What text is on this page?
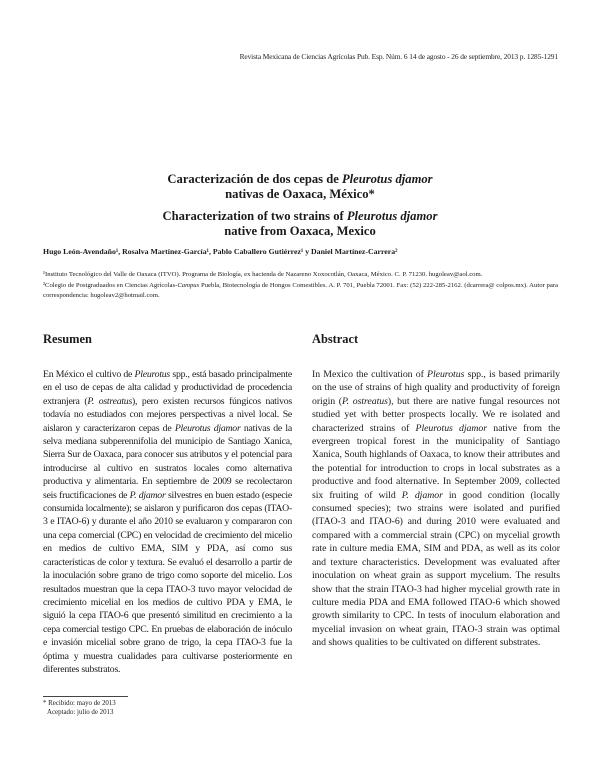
Revista Mexicana de Ciencias Agrícolas Pub. Esp. Núm. 6 14 de agosto - 26 de septiembre, 2013 p. 1285-1291
Caracterización de dos cepas de Pleurotus djamor
nativas de Oaxaca, México*
Characterization of two strains of Pleurotus djamor
native from Oaxaca, Mexico
Hugo León-Avendaño¹, Rosalva Martínez-García¹, Pablo Caballero Gutiérrez¹ y Daniel Martínez-Carrera²

¹Instituto Tecnológico del Valle de Oaxaca (ITVO). Programa de Biología, ex hacienda de Nazareno Xoxocotlán, Oaxaca, México. C. P. 71230. hugoleav@aol.com.

²Colegio de Postgraduados en Ciencias Agrícolas-Campus Puebla, Biotecnología de Hongos Comestibles. A. P. 701, Puebla 72001. Fax: (52) 222-285-2162. (dcarrera@ colpos.mx). Autor para correspondencia: hugoleav2@hotmail.com.

Resumen	Abstract

En México el cultivo de Pleurotus spp., está basado principalmente en el uso de cepas de alta calidad y productividad de procedencia extranjera (P. ostreatus), pero existen recursos fúngicos nativos todavía no estudiados con mejores perspectivas a nivel local. Se aislaron y caracterizaron cepas de Pleurotus djamor nativas de la selva mediana subperennifolia del municipio de Santiago Xanica, Sierra Sur de Oaxaca, para conocer sus atributos y el potencial para introducirse al cultivo en sustratos locales como alternativa productiva y alimentaria. En septiembre de 2009 se recolectaron seis fructificaciones de P. djamor silvestres en buen estado (especie consumida localmente); se aislaron y purificaron dos cepas (ITAO-3 e ITAO-6) y durante el año 2010 se evaluaron y compararon con una cepa comercial (CPC) en velocidad de crecimiento del micelio en medios de cultivo EMA, SIM y PDA, así como sus características de color y textura. Se evaluó el desarrollo a partir de la inoculación sobre grano de trigo como soporte del micelio. Los resultados muestran que la cepa ITAO-3 tuvo mayor velocidad de crecimiento micelial en los medios de cultivo PDA y EMA, le siguió la cepa ITAO-6 que presentó similitud en crecimiento a la cepa comercial testigo CPC. En pruebas de elaboración de inóculo e invasión micelial sobre grano de trigo, la cepa ITAO-3 fue la óptima y muestra cualidades para cultivarse posteriormente en diferentes substratos.

In Mexico the cultivation of Pleurotus spp., is based primarily on the use of strains of high quality and productivity of foreign origin (P. ostreatus), but there are native fungal resources not studied yet with better prospects locally. We re isolated and characterized strains of Pleurotus djamor native from the evergreen tropical forest in the municipality of Santiago Xanica, South highlands of Oaxaca, to know their attributes and the potential for introduction to crops in local substrates as a productive and food alternative. In September 2009, collected six fruiting of wild P. djamor in good condition (locally consumed species); two strains were isolated and purified (ITAO-3 and ITAO-6) and during 2010 were evaluated and compared with a commercial strain (CPC) on mycelial growth rate in culture media EMA, SIM and PDA, as well as its color and texture characteristics. Development was evaluated after inoculation on wheat grain as support mycelium. The results show that the strain ITAO-3 had higher mycelial growth rate in culture media PDA and EMA followed ITAO-6 which showed growth similarity to CPC. In tests of inoculum elaboration and mycelial invasion on wheat grain, ITAO-3 strain was optimal and shows qualities to be cultivated on different substrates.

* Recibido: mayo de 2013
Aceptado: julio de 2013
